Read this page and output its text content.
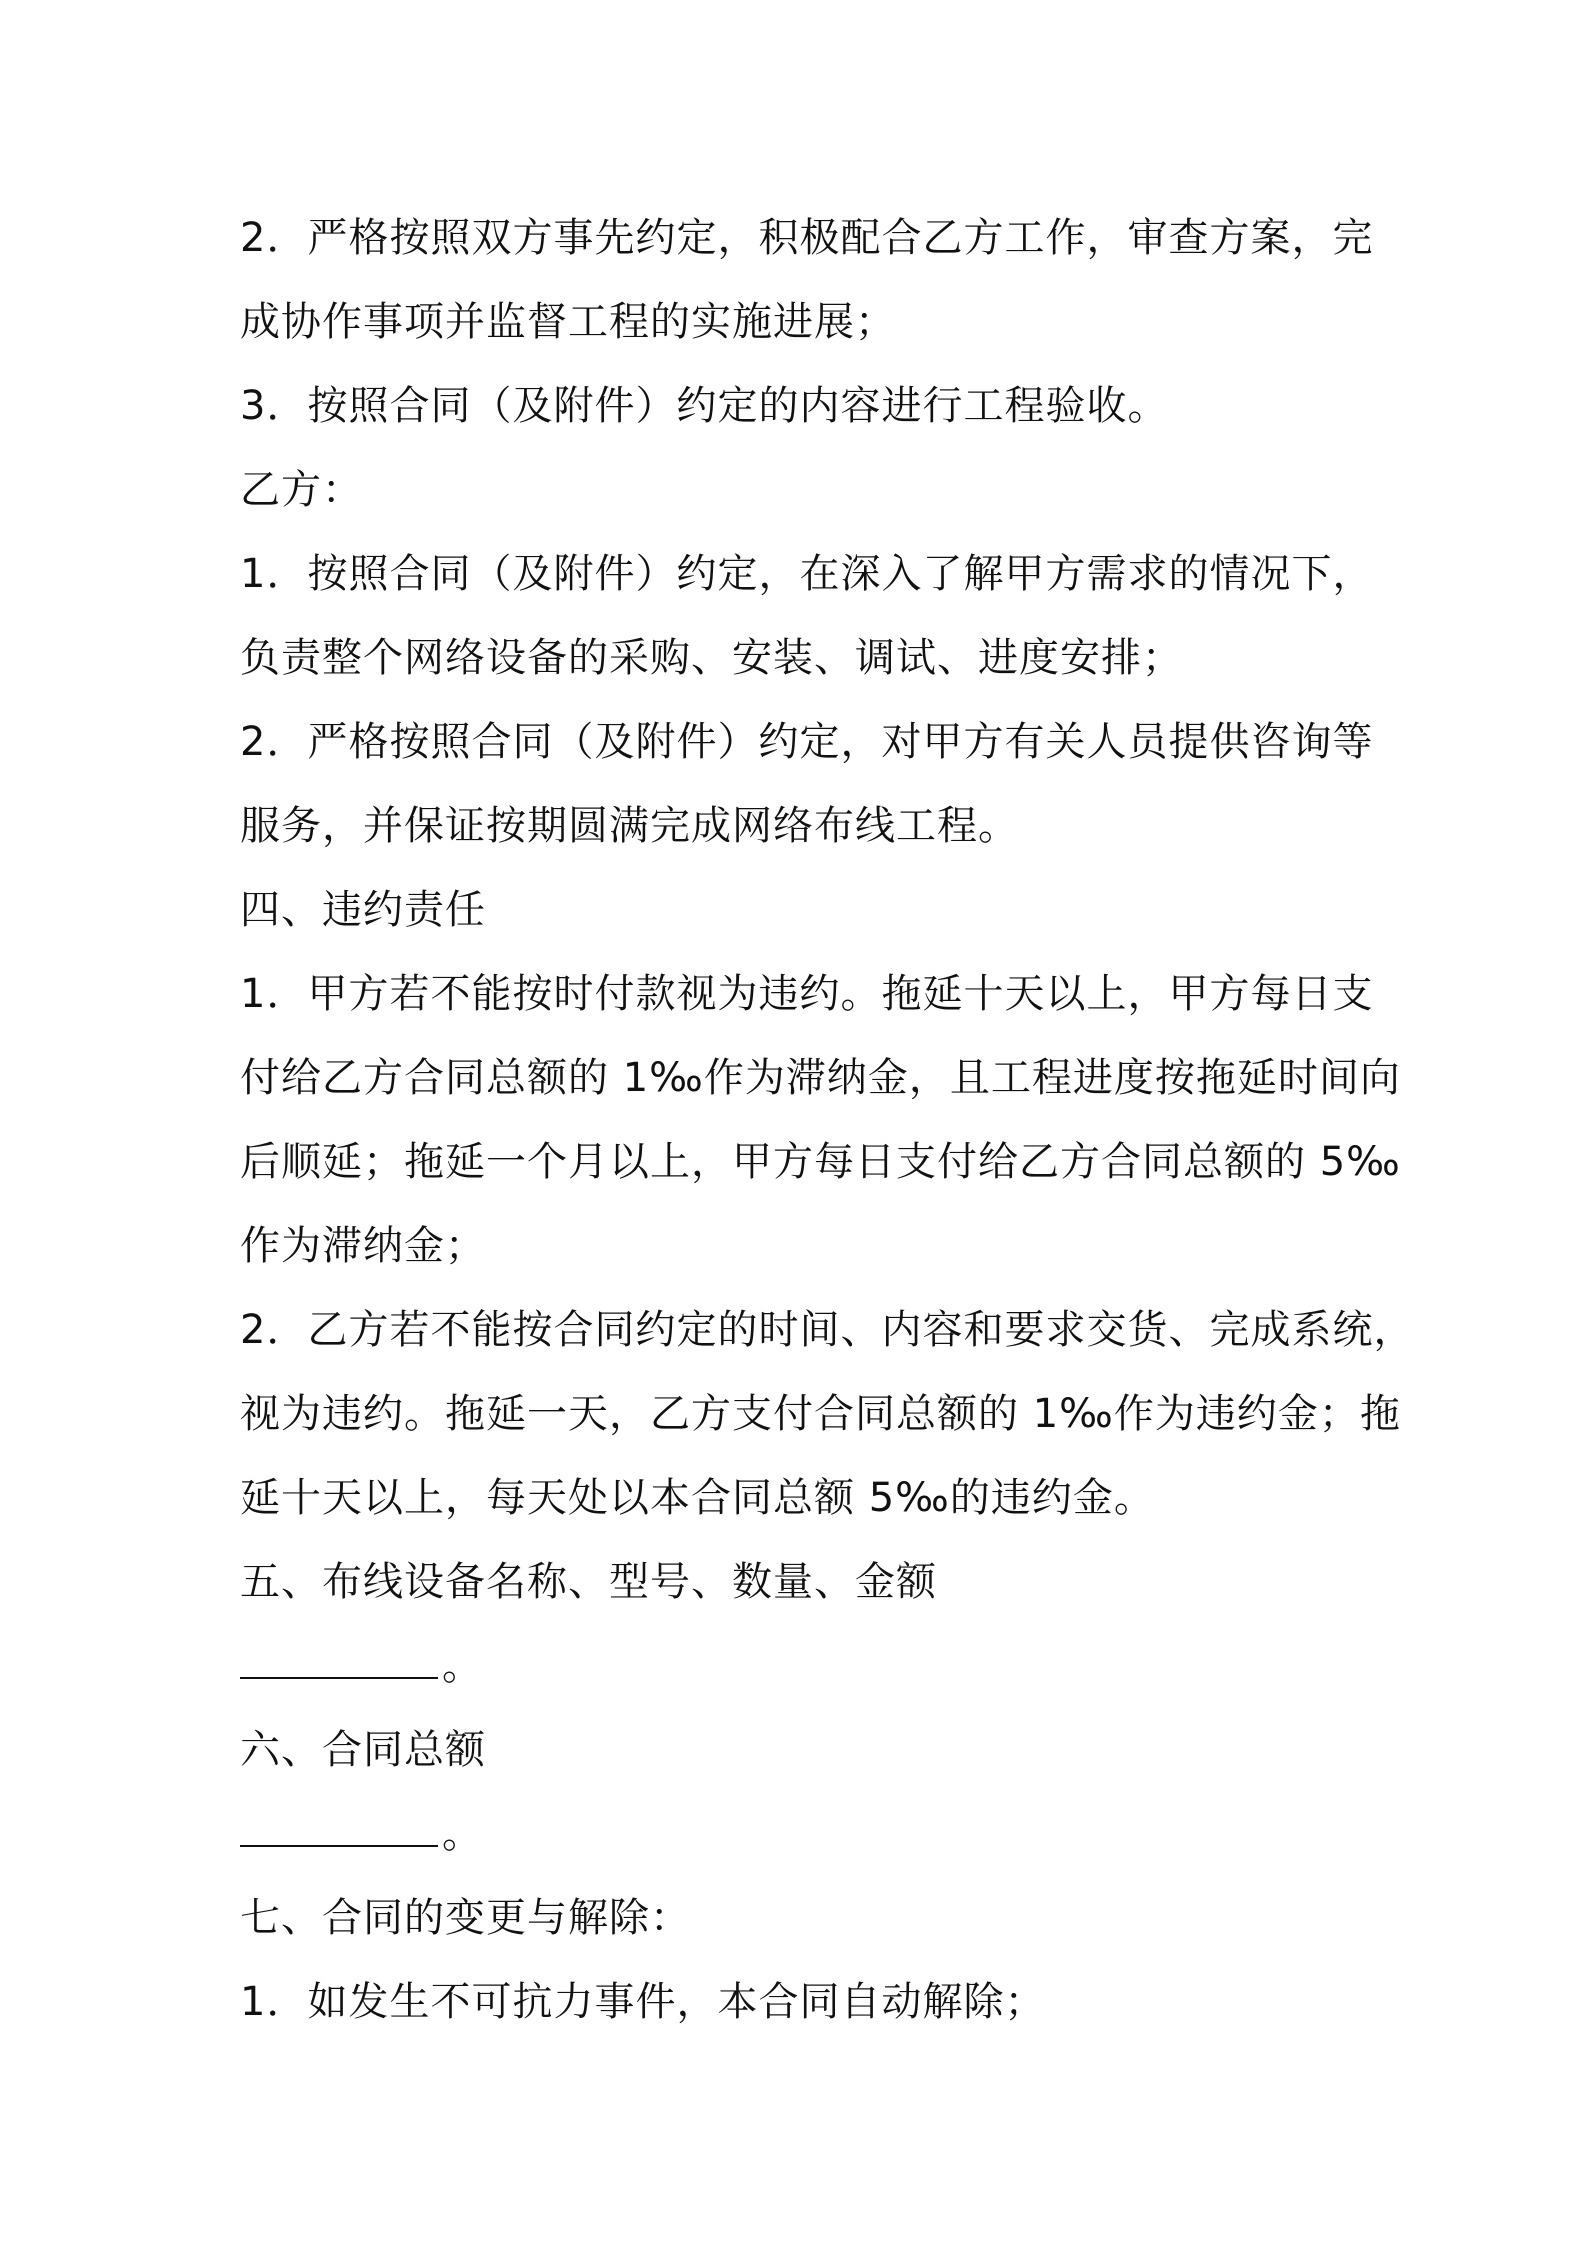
2．严格按照双方事先约定，积极配合乙方工作，审查方案，完
成协作事项并监督工程的实施进展；
3．按照合同（及附件）约定的内容进行工程验收。
乙方：
1．按照合同（及附件）约定，在深入了解甲方需求的情况下，
负责整个网络设备的采购、安装、调试、进度安排；
2．严格按照合同（及附件）约定，对甲方有关人员提供咨询等
服务，并保证按期圆满完成网络布线工程。
四、违约责任
1．甲方若不能按时付款视为违约。拖延十天以上，甲方每日支
付给乙方合同总额的 1‰作为滞纳金，且工程进度按拖延时间向
后顺延；拖延一个月以上，甲方每日支付给乙方合同总额的 5‰
作为滞纳金；
2．乙方若不能按合同约定的时间、内容和要求交货、完成系统，
视为违约。拖延一天，乙方支付合同总额的 1‰作为违约金；拖
延十天以上，每天处以本合同总额 5‰的违约金。
五、布线设备名称、型号、数量、金额
。
六、合同总额
。
七、合同的变更与解除：
1．如发生不可抗力事件，本合同自动解除；
